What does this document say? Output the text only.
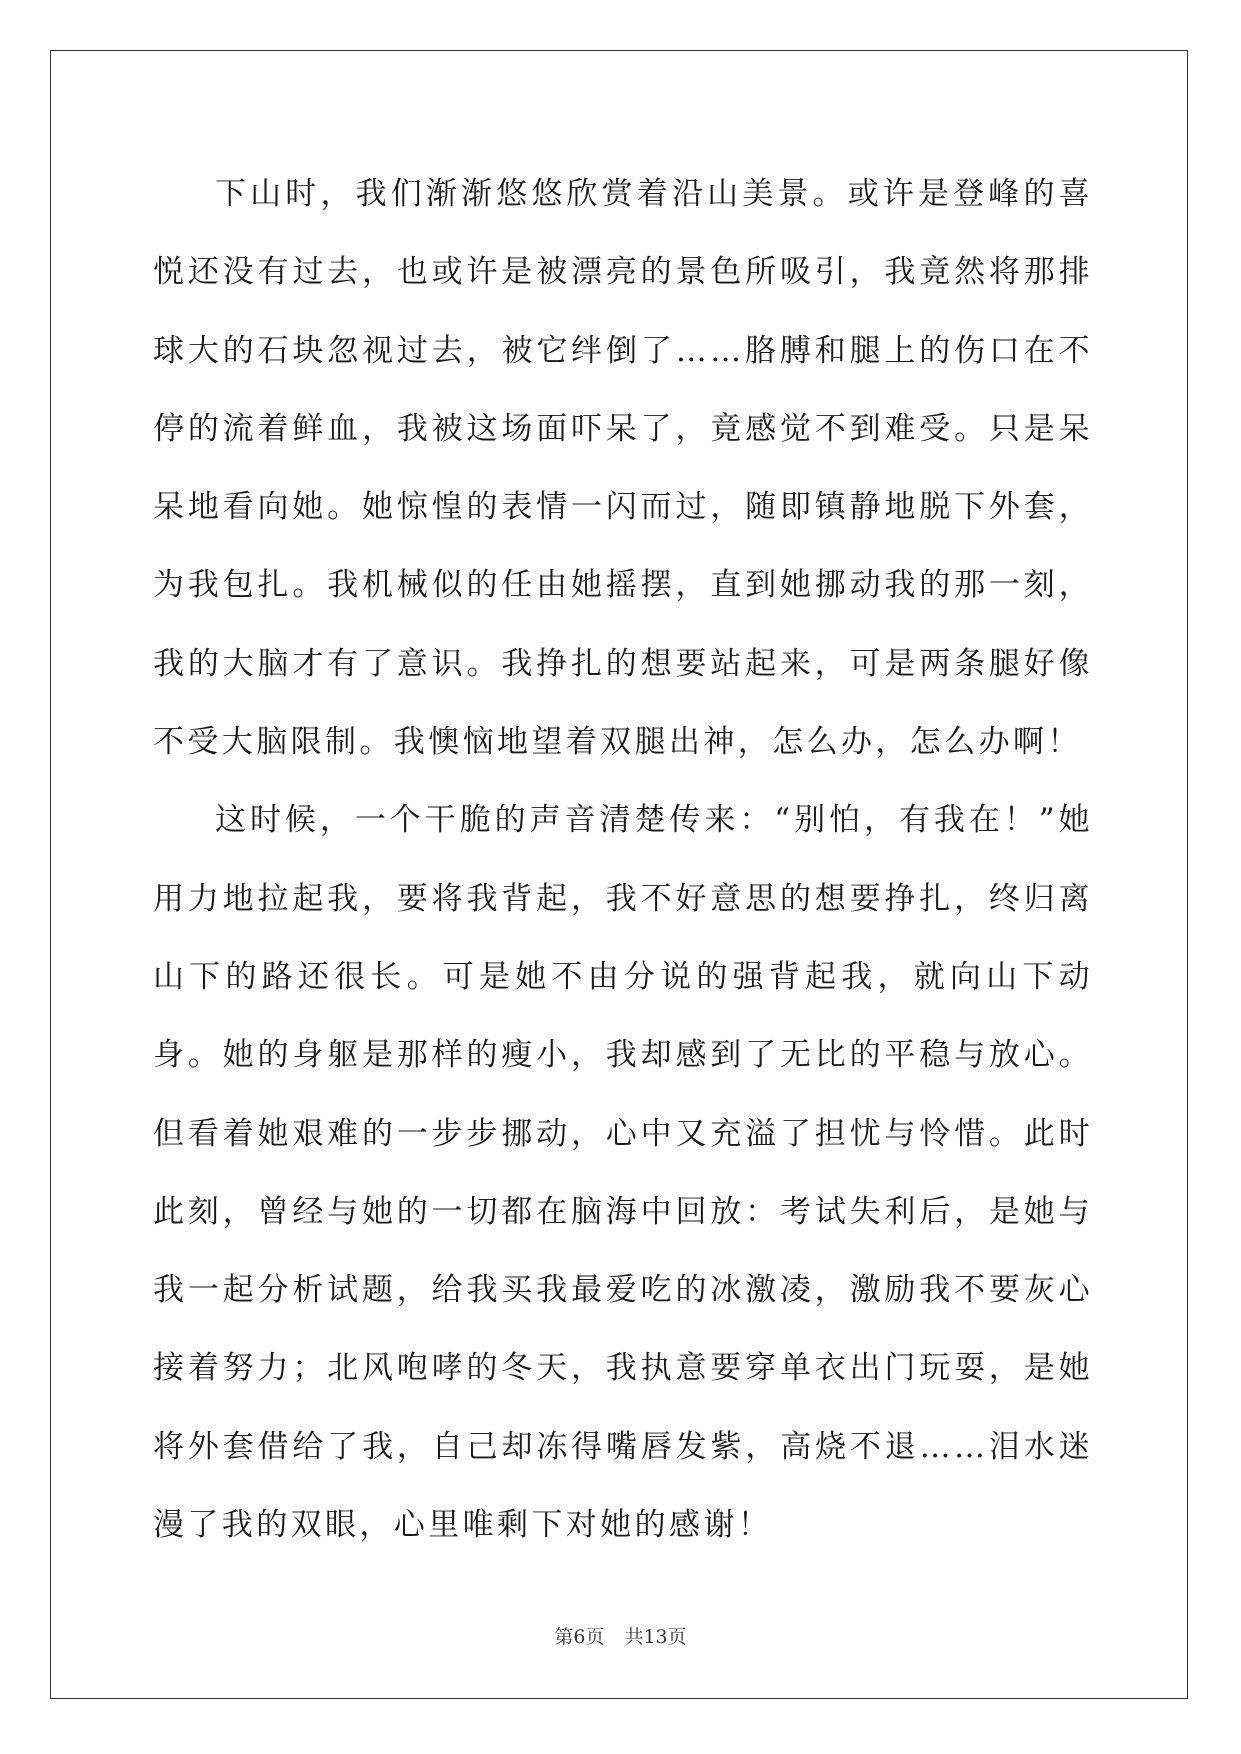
下山时，我们渐渐悠悠欣赏着沿山美景。或许是登峰的喜悦还没有过去，也或许是被漂亮的景色所吸引，我竟然将那排球大的石块忽视过去，被它绊倒了……胳膊和腿上的伤口在不停的流着鲜血，我被这场面吓呆了，竟感觉不到难受。只是呆呆地看向她。她惊惶的表情一闪而过，随即镇静地脱下外套，为我包扎。我机械似的任由她摇摆，直到她挪动我的那一刻，我的大脑才有了意识。我挣扎的想要站起来，可是两条腿好像不受大脑限制。我懊恼地望着双腿出神，怎么办，怎么办啊！

这时候，一个干脆的声音清楚传来：“别怕，有我在！”她用力地拉起我，要将我背起，我不好意思的想要挣扎，终归离山下的路还很长。可是她不由分说的强背起我，就向山下动身。她的身躯是那样的瘦小，我却感到了无比的平稳与放心。但看着她艰难的一步步挪动，心中又充溢了担忧与怜惜。此时此刻，曾经与她的一切都在脑海中回放：考试失利后，是她与我一起分析试题，给我买我最爱吃的冰激凌，激励我不要灰心接着努力；北风咆哮的冬天，我执意要穿单衣出门玩耍，是她将外套借给了我，自己却冻得嘴唇发紫，高烧不退……泪水迷漫了我的双眼，心里唯剩下对她的感谢！

第6页 共13页
